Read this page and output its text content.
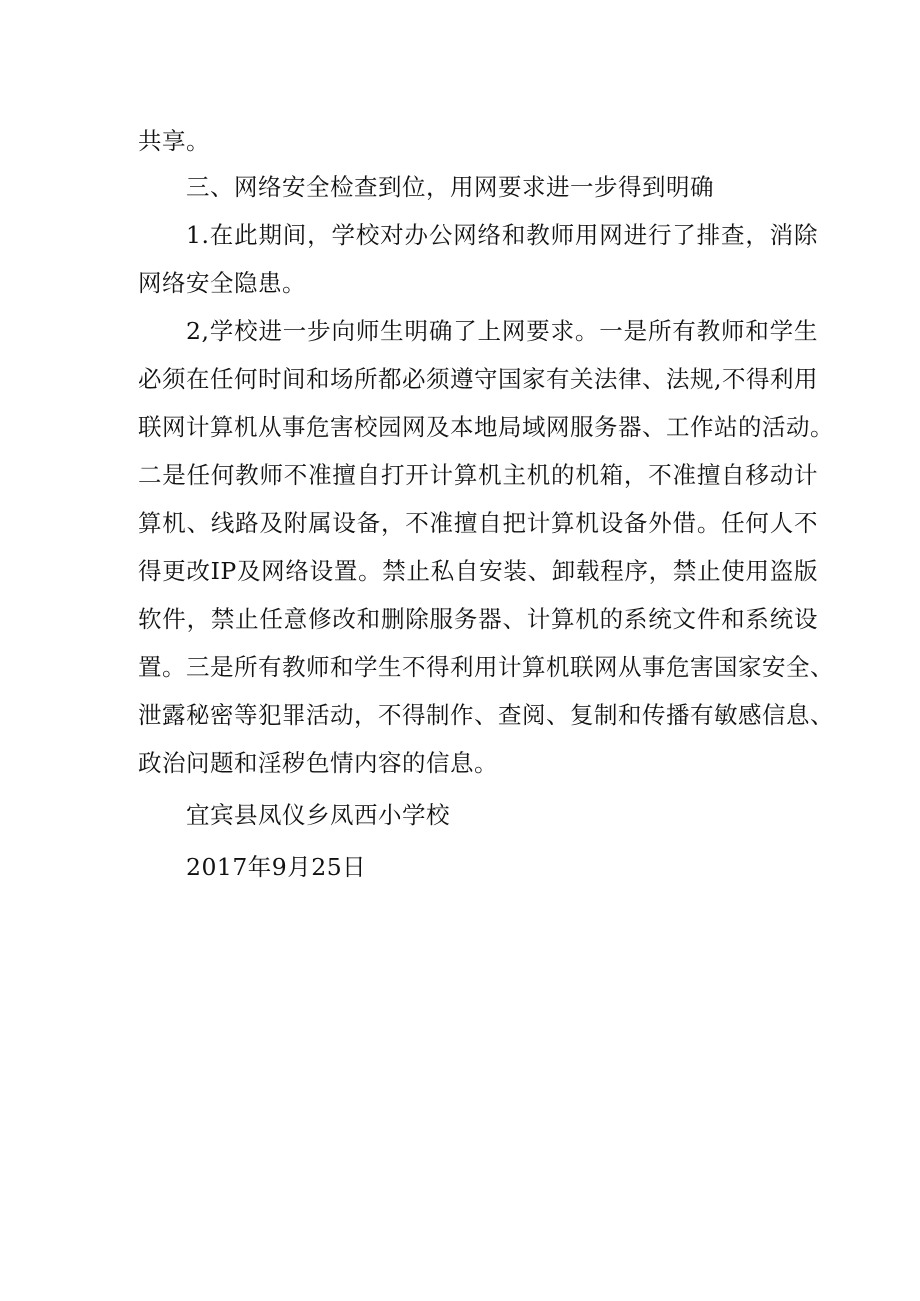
共享。
三、网络安全检查到位，用网要求进一步得到明确
1.在此期间，学校对办公网络和教师用网进行了排查，消除
网络安全隐患。
2,学校进一步向师生明确了上网要求。一是所有教师和学生
必须在任何时间和场所都必须遵守国家有关法律、法规,不得利用
联网计算机从事危害校园网及本地局域网服务器、工作站的活动。
二是任何教师不准擅自打开计算机主机的机箱，不准擅自移动计
算机、线路及附属设备，不准擅自把计算机设备外借。任何人不
得更改IP及网络设置。禁止私自安装、卸载程序，禁止使用盗版
软件，禁止任意修改和删除服务器、计算机的系统文件和系统设
置。三是所有教师和学生不得利用计算机联网从事危害国家安全、
泄露秘密等犯罪活动，不得制作、查阅、复制和传播有敏感信息、
政治问题和淫秽色情内容的信息。
宜宾县凤仪乡凤西小学校
2017年9月25日
